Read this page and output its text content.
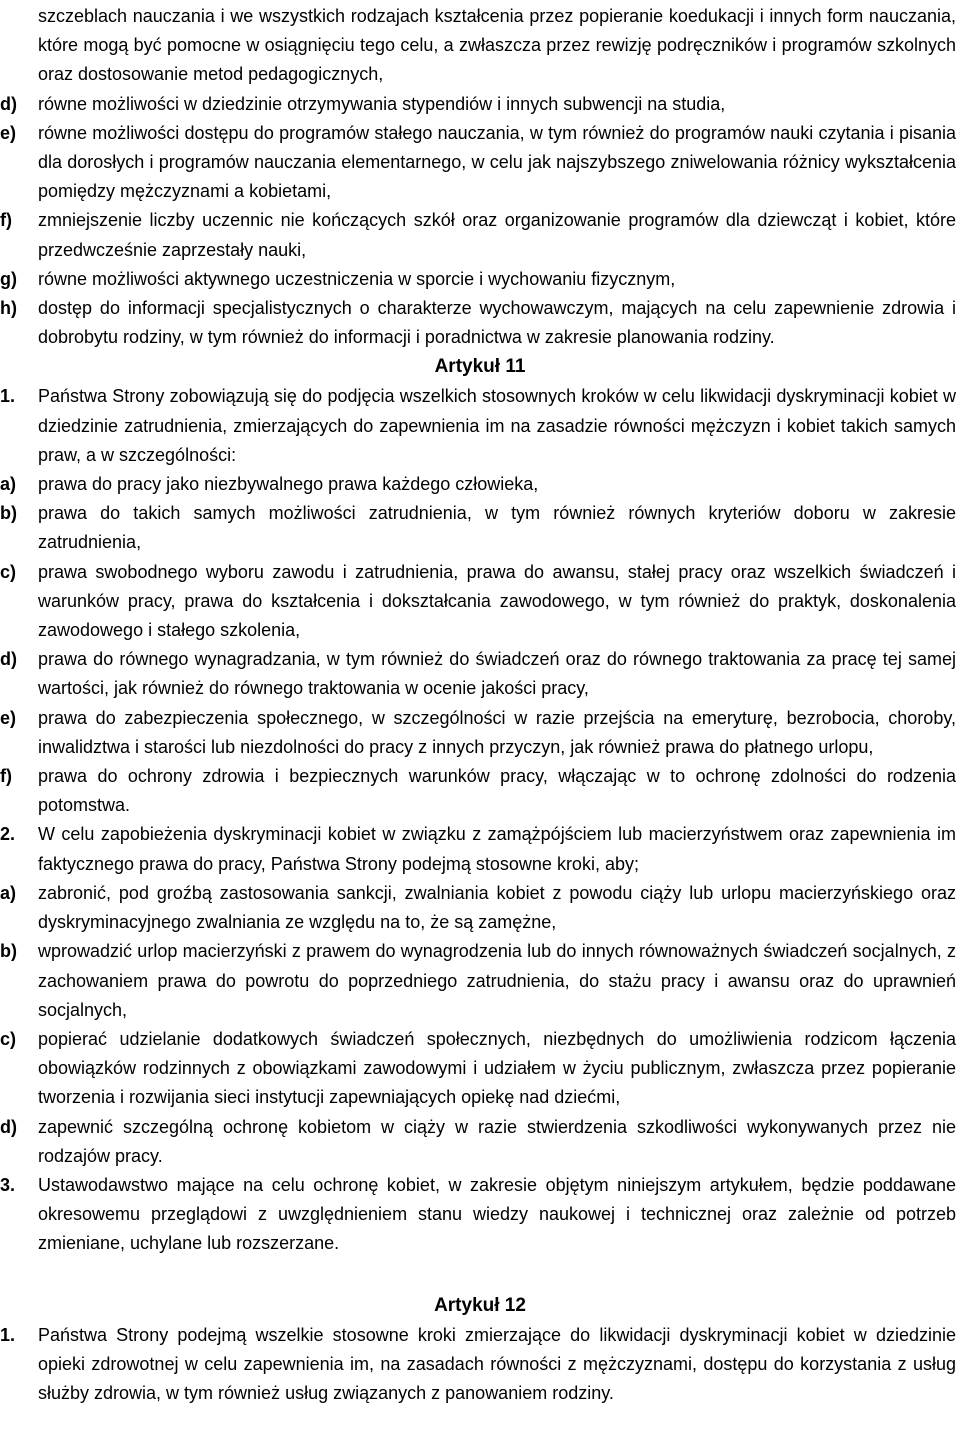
szczeblach nauczania i we wszystkich rodzajach kształcenia przez popieranie koedukacji i innych form nauczania, które mogą być pomocne w osiągnięciu tego celu, a zwłaszcza przez rewizję podręczników i programów szkolnych oraz dostosowanie metod pedagogicznych,
d)	równe możliwości w dziedzinie otrzymywania stypendiów i innych subwencji na studia,
e)	równe możliwości dostępu do programów stałego nauczania, w tym również do programów nauki czytania i pisania dla dorosłych i programów nauczania elementarnego, w celu jak najszybszego zniwelowania różnicy wykształcenia pomiędzy mężczyznami a kobietami,
f)	zmniejszenie liczby uczennic nie kończących szkół oraz organizowanie programów dla dziewcząt i kobiet, które przedwcześnie zaprzestały nauki,
g)	równe możliwości aktywnego uczestniczenia w sporcie i wychowaniu fizycznym,
h)	dostęp do informacji specjalistycznych o charakterze wychowawczym, mających na celu zapewnienie zdrowia i dobrobytu rodziny, w tym również do informacji i poradnictwa w zakresie planowania rodziny.
Artykuł 11
1.	Państwa Strony zobowiązują się do podjęcia wszelkich stosownych kroków w celu likwidacji dyskryminacji kobiet w dziedzinie zatrudnienia, zmierzających do zapewnienia im na zasadzie równości mężczyzn i kobiet takich samych praw, a w szczególności:
a)	prawa do pracy jako niezbywalnego prawa każdego człowieka,
b)	prawa do takich samych możliwości zatrudnienia, w tym również równych kryteriów doboru w zakresie zatrudnienia,
c)	prawa swobodnego wyboru zawodu i zatrudnienia, prawa do awansu, stałej pracy oraz wszelkich świadczeń i warunków pracy, prawa do kształcenia i dokształcania zawodowego, w tym również do praktyk, doskonalenia zawodowego i stałego szkolenia,
d)	prawa do równego wynagradzania, w tym również do świadczeń oraz do równego traktowania za pracę tej samej wartości, jak również do równego traktowania w ocenie jakości pracy,
e)	prawa do zabezpieczenia społecznego, w szczególności w razie przejścia na emeryturę, bezrobocia, choroby, inwalidztwa i starości lub niezdolności do pracy z innych przyczyn, jak również prawa do płatnego urlopu,
f)	prawa do ochrony zdrowia i bezpiecznych warunków pracy, włączając w to ochronę zdolności do rodzenia potomstwa.
2.	W celu zapobieżenia dyskryminacji kobiet w związku z zamążpójściem lub macierzyństwem oraz zapewnienia im faktycznego prawa do pracy, Państwa Strony podejmą stosowne kroki, aby;
a)	zabronić, pod groźbą zastosowania sankcji, zwalniania kobiet z powodu ciąży lub urlopu macierzyńskiego oraz dyskryminacyjnego zwalniania ze względu na to, że są zamężne,
b)	wprowadzić urlop macierzyński z prawem do wynagrodzenia lub do innych równoważnych świadczeń socjalnych, z zachowaniem prawa do powrotu do poprzedniego zatrudnienia, do stażu pracy i awansu oraz do uprawnień socjalnych,
c)	popierać udzielanie dodatkowych świadczeń społecznych, niezbędnych do umożliwienia rodzicom łączenia obowiązków rodzinnych z obowiązkami zawodowymi i udziałem w życiu publicznym, zwłaszcza przez popieranie tworzenia i rozwijania sieci instytucji zapewniających opiekę nad dziećmi,
d)	zapewnić szczególną ochronę kobietom w ciąży w razie stwierdzenia szkodliwości wykonywanych przez nie rodzajów pracy.
3.	Ustawodawstwo mające na celu ochronę kobiet, w zakresie objętym niniejszym artykułem, będzie poddawane okresowemu przeglądowi z uwzględnieniem stanu wiedzy naukowej i technicznej oraz zależnie od potrzeb zmieniane, uchylane lub rozszerzane.
Artykuł 12
1.	Państwa Strony podejmą wszelkie stosowne kroki zmierzające do likwidacji dyskryminacji kobiet w dziedzinie opieki zdrowotnej w celu zapewnienia im, na zasadach równości z mężczyznami, dostępu do korzystania z usług służby zdrowia, w tym również usług związanych z panowaniem rodziny.
